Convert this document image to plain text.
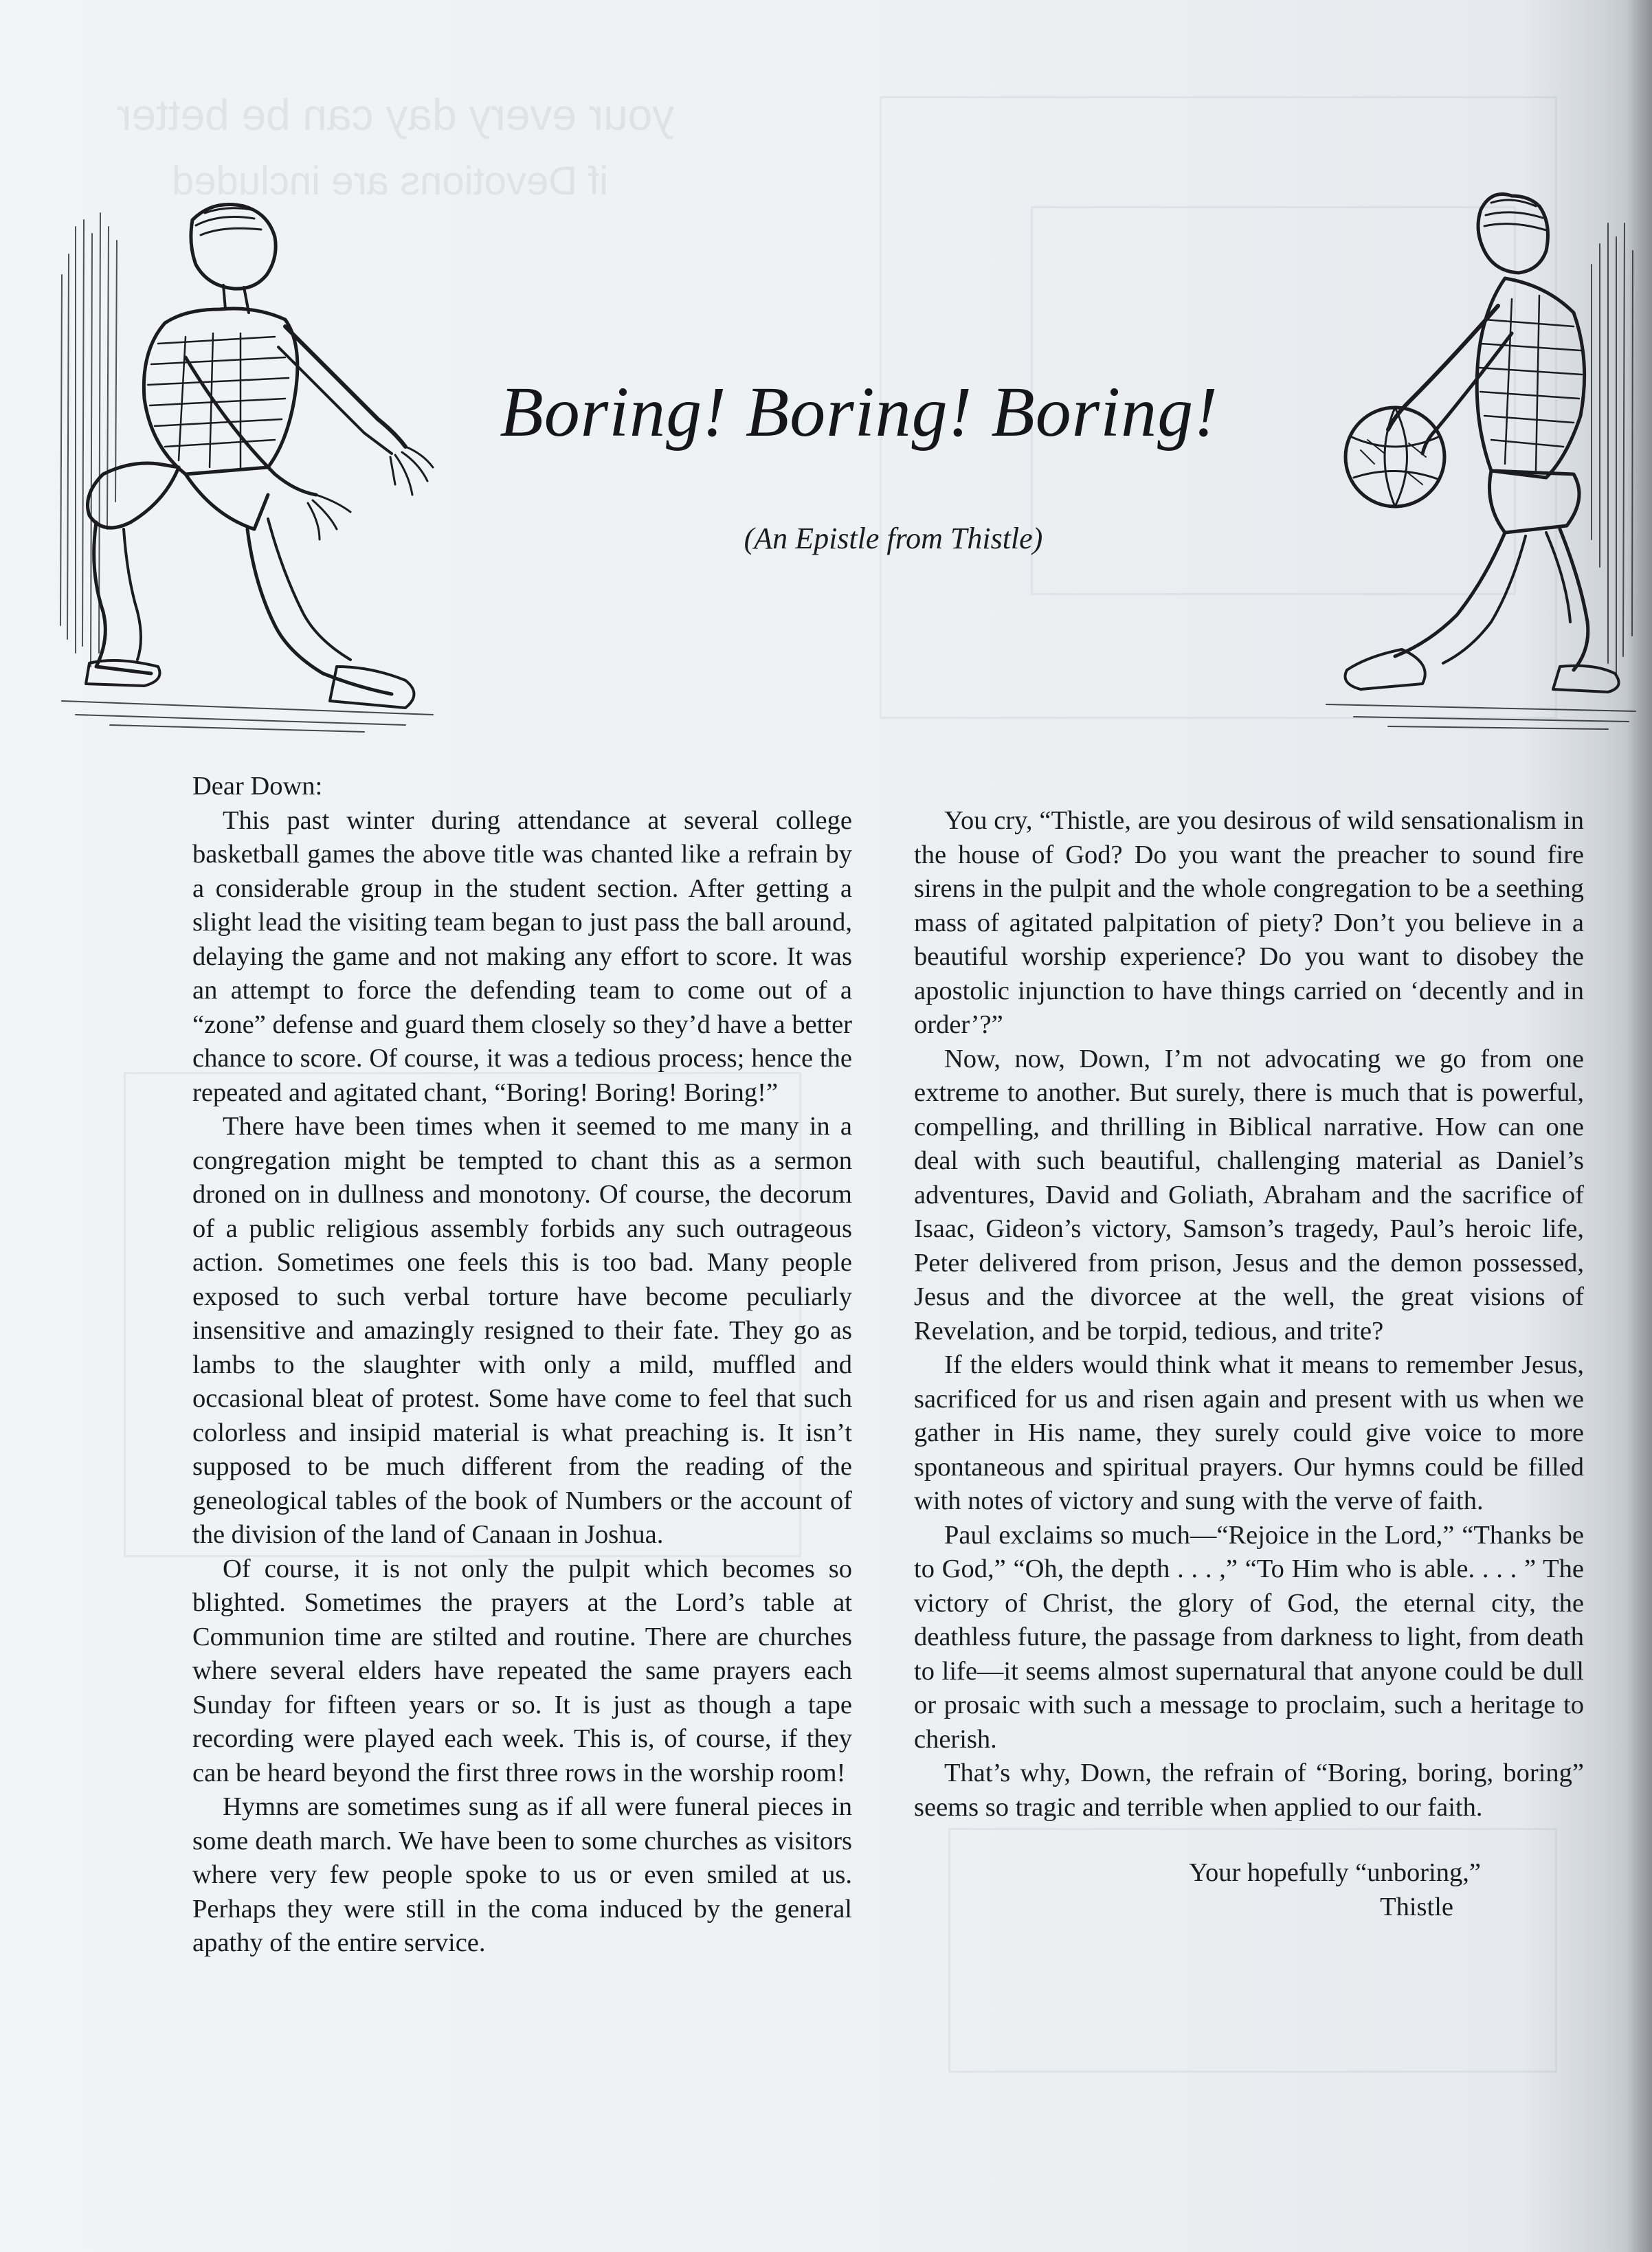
your every day can be better
if Devotions are included
Boring! Boring! Boring!
(An Epistle from Thistle)

Dear Down:

This past winter during attendance at several college basketball games the above title was chanted like a refrain by a considerable group in the student section. After getting a slight lead the visiting team began to just pass the ball around, delaying the game and not making any effort to score. It was an attempt to force the defending team to come out of a “zone” defense and guard them closely so they’d have a better chance to score. Of course, it was a tedious process; hence the repeated and agitated chant, “Boring! Boring! Boring!”

There have been times when it seemed to me many in a congregation might be tempted to chant this as a sermon droned on in dullness and monotony. Of course, the decorum of a public religious assembly forbids any such outrageous action. Sometimes one feels this is too bad. Many people exposed to such verbal torture have become peculiarly insensitive and amazingly resigned to their fate. They go as lambs to the slaughter with only a mild, muffled and occasional bleat of protest. Some have come to feel that such colorless and insipid material is what preaching is. It isn’t supposed to be much different from the reading of the geneological tables of the book of Numbers or the account of the division of the land of Canaan in Joshua.

Of course, it is not only the pulpit which becomes so blighted. Sometimes the prayers at the Lord’s table at Communion time are stilted and routine. There are churches where several elders have repeated the same prayers each Sunday for fifteen years or so. It is just as though a tape recording were played each week. This is, of course, if they can be heard beyond the first three rows in the worship room!

Hymns are sometimes sung as if all were funeral pieces in some death march. We have been to some churches as visitors where very few people spoke to us or even smiled at us. Perhaps they were still in the coma induced by the general apathy of the entire service.

You cry, “Thistle, are you desirous of wild sensationalism in the house of God? Do you want the preacher to sound fire sirens in the pulpit and the whole congregation to be a seething mass of agitated palpitation of piety? Don’t you believe in a beautiful worship experience? Do you want to disobey the apostolic injunction to have things carried on ‘decently and in order’?”

Now, now, Down, I’m not advocating we go from one extreme to another. But surely, there is much that is powerful, compelling, and thrilling in Biblical narrative. How can one deal with such beautiful, challenging material as Daniel’s adventures, David and Goliath, Abraham and the sacrifice of Isaac, Gideon’s victory, Samson’s tragedy, Paul’s heroic life, Peter delivered from prison, Jesus and the demon possessed, Jesus and the divorcee at the well, the great visions of Revelation, and be torpid, tedious, and trite?

If the elders would think what it means to remember Jesus, sacrificed for us and risen again and present with us when we gather in His name, they surely could give voice to more spontaneous and spiritual prayers. Our hymns could be filled with notes of victory and sung with the verve of faith.

Paul exclaims so much—“Rejoice in the Lord,” “Thanks be to God,” “Oh, the depth . . . ,” “To Him who is able. . . . ” The victory of Christ, the glory of God, the eternal city, the deathless future, the passage from darkness to light, from death to life—it seems almost supernatural that anyone could be dull or prosaic with such a message to proclaim, such a heritage to cherish.

That’s why, Down, the refrain of “Boring, boring, boring” seems so tragic and terrible when applied to our faith.

Your hopefully “unboring,”
Thistle
